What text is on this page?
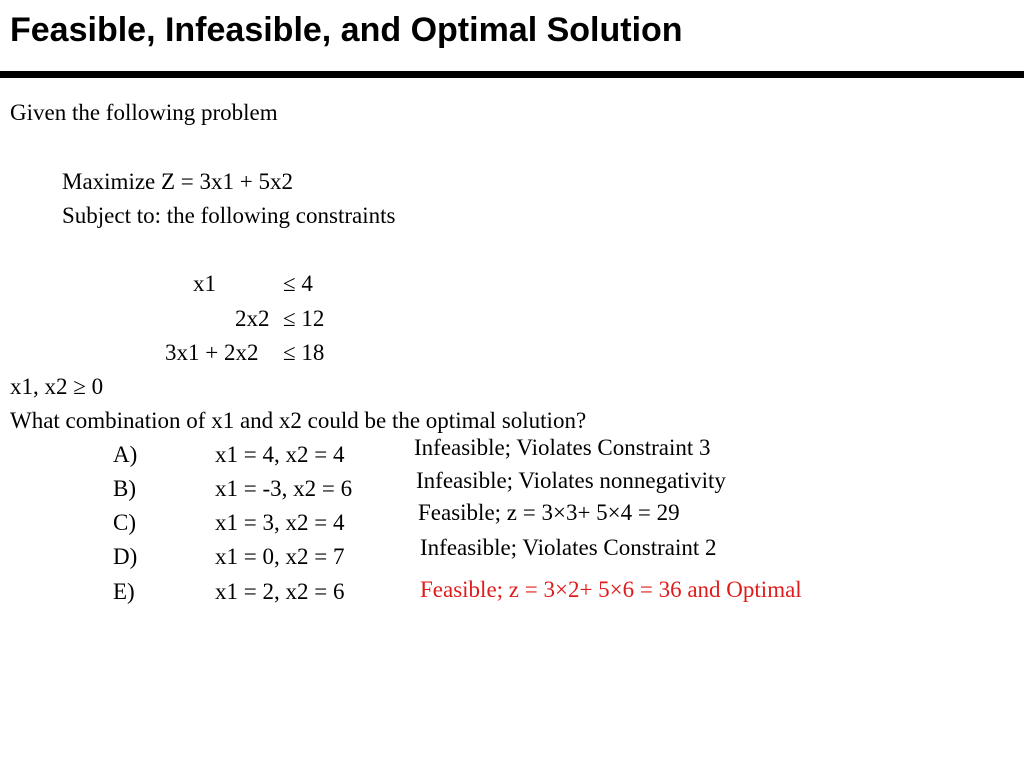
Feasible, Infeasible, and Optimal Solution
Given the following problem
Maximize Z = 3x1 + 5x2
Subject to: the following constraints
x1	≤ 4
2x2 ≤ 12
3x1 + 2x2 ≤ 18
x1, x2 ≥ 0
What combination of x1 and x2 could be the optimal solution?
A)	x1 = 4, x2 = 4	Infeasible; Violates Constraint 3
B)	x1 = -3, x2 = 6	Infeasible; Violates nonnegativity
C)	x1 = 3, x2 = 4	Feasible; z = 3×3+ 5×4 = 29
D)	x1 = 0, x2 = 7	Infeasible; Violates Constraint 2
E)	x1 = 2, x2 = 6	Feasible; z = 3×2+ 5×6 = 36 and Optimal
